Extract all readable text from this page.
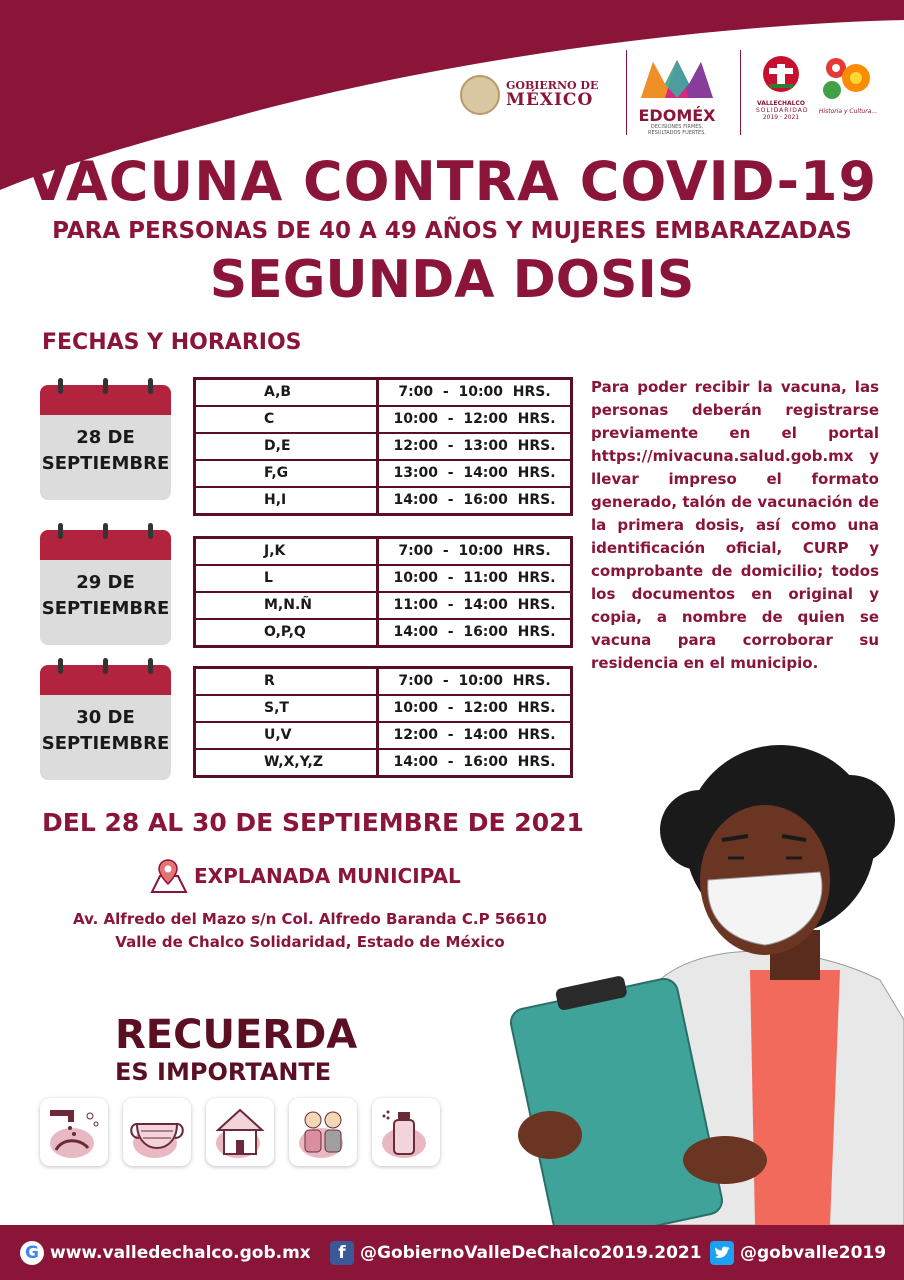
GOBIERNO DE
MÉXICO
EDOMÉX
DECISIONES FIRMES, RESULTADOS FUERTES.
VALLECHALCO
SOLIDARIDAD
2019 · 2021
Historia y Cultura...
VACUNA CONTRA COVID-19
PARA PERSONAS DE 40 A 49 AÑOS Y MUJERES EMBARAZADAS
SEGUNDA DOSIS
FECHAS Y HORARIOS
28 DE
SEPTIEMBRE
A,B	7:00  -  10:00  HRS.
C	10:00  -  12:00  HRS.
D,E	12:00  -  13:00  HRS.
F,G	13:00  -  14:00  HRS.
H,I	14:00  -  16:00  HRS.
29 DE
SEPTIEMBRE
J,K	7:00  -  10:00  HRS.
L	10:00  -  11:00  HRS.
M,N.Ñ	11:00  -  14:00  HRS.
O,P,Q	14:00  -  16:00  HRS.
30 DE
SEPTIEMBRE
R	7:00  -  10:00  HRS.
S,T	10:00  -  12:00  HRS.
U,V	12:00  -  14:00  HRS.
W,X,Y,Z	14:00  -  16:00  HRS.
Para poder recibir la vacuna, las personas deberán registrarse previamente en el portal https://mivacuna.salud.gob.mx y llevar impreso el formato generado, talón de vacunación de la primera dosis, así como una identificación oficial, CURP y comprobante de domicilio; todos los documentos en original y copia, a nombre de quien se vacuna para corroborar su residencia en el municipio.
DEL 28 AL 30 DE SEPTIEMBRE DE 2021
EXPLANADA MUNICIPAL
Av. Alfredo del Mazo s/n Col. Alfredo Baranda C.P 56610
Valle de Chalco Solidaridad, Estado de México
RECUERDA
ES IMPORTANTE
G www.valledechalco.gob.mx	f @GobiernoValleDeChalco2019.2021 @gobvalle2019
